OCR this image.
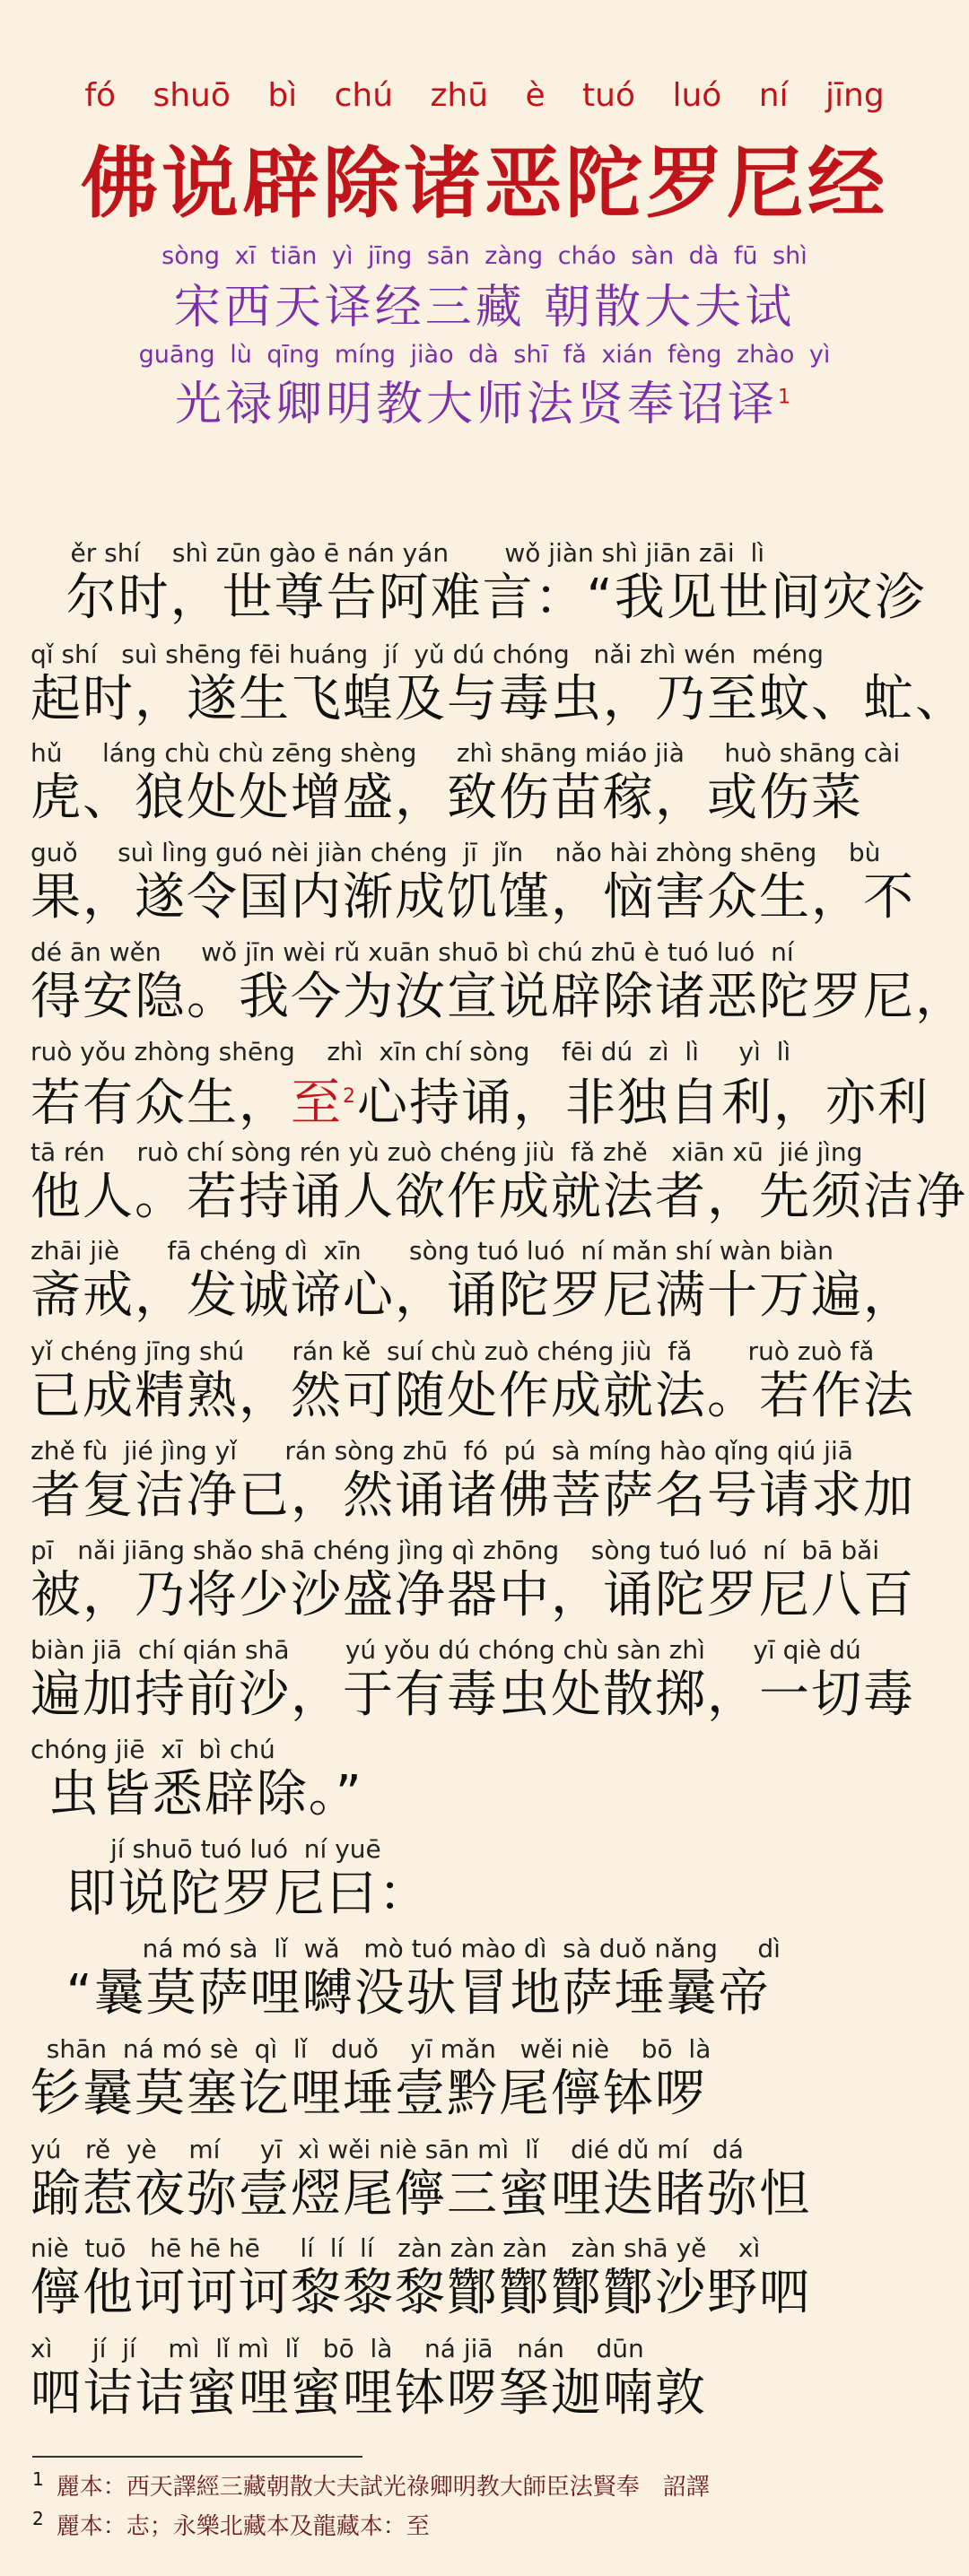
fó shuō bì chú zhū è tuó luó ní jīng
佛说辟除诸恶陀罗尼经
sòng xī tiān yì jīng sān zàng cháo sàn dà fū shì
宋西天译经三藏 朝散大夫试
guāng lù qīng míng jiào dà shī fǎ xián fèng zhào yì
光禄卿明教大师法贤奉诏译$^1$
ěr shí    shì zūn gào ē nán yán       wǒ jiàn shì jiān zāi  lì
尔时，世尊告阿难言：“我见世间灾沴
qǐ shí   suì shēng fēi huáng  jí  yǔ dú chóng   nǎi zhì wén  méng
起时，遂生飞蝗及与毒虫，乃至蚊、虻、
hǔ     láng chù chù zēng shèng     zhì shāng miáo jià     huò shāng cài
虎、狼处处增盛，致伤苗稼，或伤菜
guǒ     suì lìng guó nèi jiàn chéng  jī  jǐn    nǎo hài zhòng shēng    bù
果，遂令国内渐成饥馑，恼害众生，不
dé ān wěn     wǒ jīn wèi rǔ xuān shuō bì chú zhū è tuó luó  ní
得安隐。我今为汝宣说辟除诸恶陀罗尼，
ruò yǒu zhòng shēng    zhì  xīn chí sòng    fēi dú  zì  lì     yì  lì
若有众生，至$^2$心持诵，非独自利，亦利
tā rén    ruò chí sòng rén yù zuò chéng jiù  fǎ zhě   xiān xū  jié jìng
他人。若持诵人欲作成就法者，先须洁净
zhāi jiè      fā chéng dì  xīn      sòng tuó luó  ní mǎn shí wàn biàn
斋戒，发诚谛心，诵陀罗尼满十万遍，
yǐ chéng jīng shú      rán kě  suí chù zuò chéng jiù  fǎ       ruò zuò fǎ
已成精熟，然可随处作成就法。若作法
zhě fù  jié jìng yǐ      rán sòng zhū  fó  pú  sà míng hào qǐng qiú jiā
者复洁净已，然诵诸佛菩萨名号请求加
pī   nǎi jiāng shǎo shā chéng jìng qì zhōng    sòng tuó luó  ní  bā bǎi
被，乃将少沙盛净器中，诵陀罗尼八百
biàn jiā  chí qián shā       yú yǒu dú chóng chù sàn zhì      yī qiè dú
遍加持前沙，于有毒虫处散掷，一切毒
chóng jiē  xī  bì chú
虫皆悉辟除。”
jí shuō tuó luó  ní yuē
即说陀罗尼曰：
ná mó sà  lǐ  wǎ   mò tuó mào dì  sà duǒ nǎng     dì
“曩莫萨哩嚩没驮冒地萨埵曩帝
shān  ná mó sè  qì  lǐ   duǒ    yī mǎn   wěi niè    bō  là
钐曩莫塞讫哩埵壹黔尾儜钵啰
yú   rě  yè    mí     yī  xì wěi niè sān mì  lǐ    dié dǔ mí   dá
踰惹夜弥壹熤尾儜三蜜哩迭睹弥怛
niè  tuō   hē hē hē     lí  lí  lí   zàn zàn zàn   zàn shā yě    xì
儜他诃诃诃黎黎黎酇酇酇酇沙野呬
xì     jí  jí    mì  lǐ mì  lǐ   bō  là    ná jiā   nán    dūn
呬诘诘蜜哩蜜哩钵啰拏迦喃敦
$^1$ 麗本：西天譯經三藏朝散大夫試光祿卿明教大師臣法賢奉　詔譯
$^2$ 麗本：志；永樂北藏本及龍藏本：至
